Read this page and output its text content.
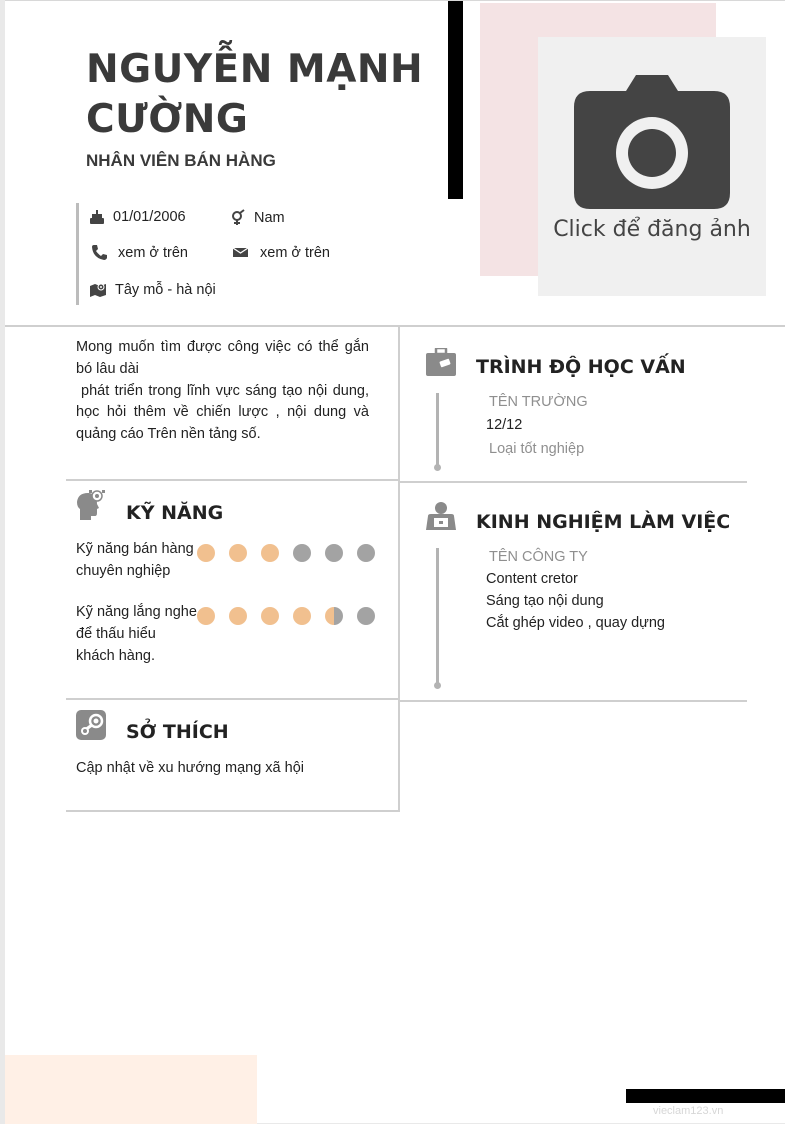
NGUYỄN MẠNH CƯỜNG
NHÂN VIÊN BÁN HÀNG
Click để đăng ảnh
01/01/2006	Nam
xem ở trên	xem ở trên
Tây mỗ - hà nội
Mong muốn tìm được công việc có thể gắn bó lâu dài
phát triển trong lĩnh vực sáng tạo nội dung, học hỏi thêm về chiến lược , nội dung và quảng cáo Trên nền tảng số.
KỸ NĂNG
Kỹ năng bán hàng chuyên nghiệp
Kỹ năng lắng nghe để thấu hiểu khách hàng.
SỞ THÍCH
Cập nhật về xu hướng mạng xã hội
TRÌNH ĐỘ HỌC VẤN
TÊN TRƯỜNG
12/12
Loại tốt nghiệp
KINH NGHIỆM LÀM VIỆC
TÊN CÔNG TY
Content cretor
Sáng tạo nội dung
Cắt ghép video , quay dựng
vieclam123.vn
